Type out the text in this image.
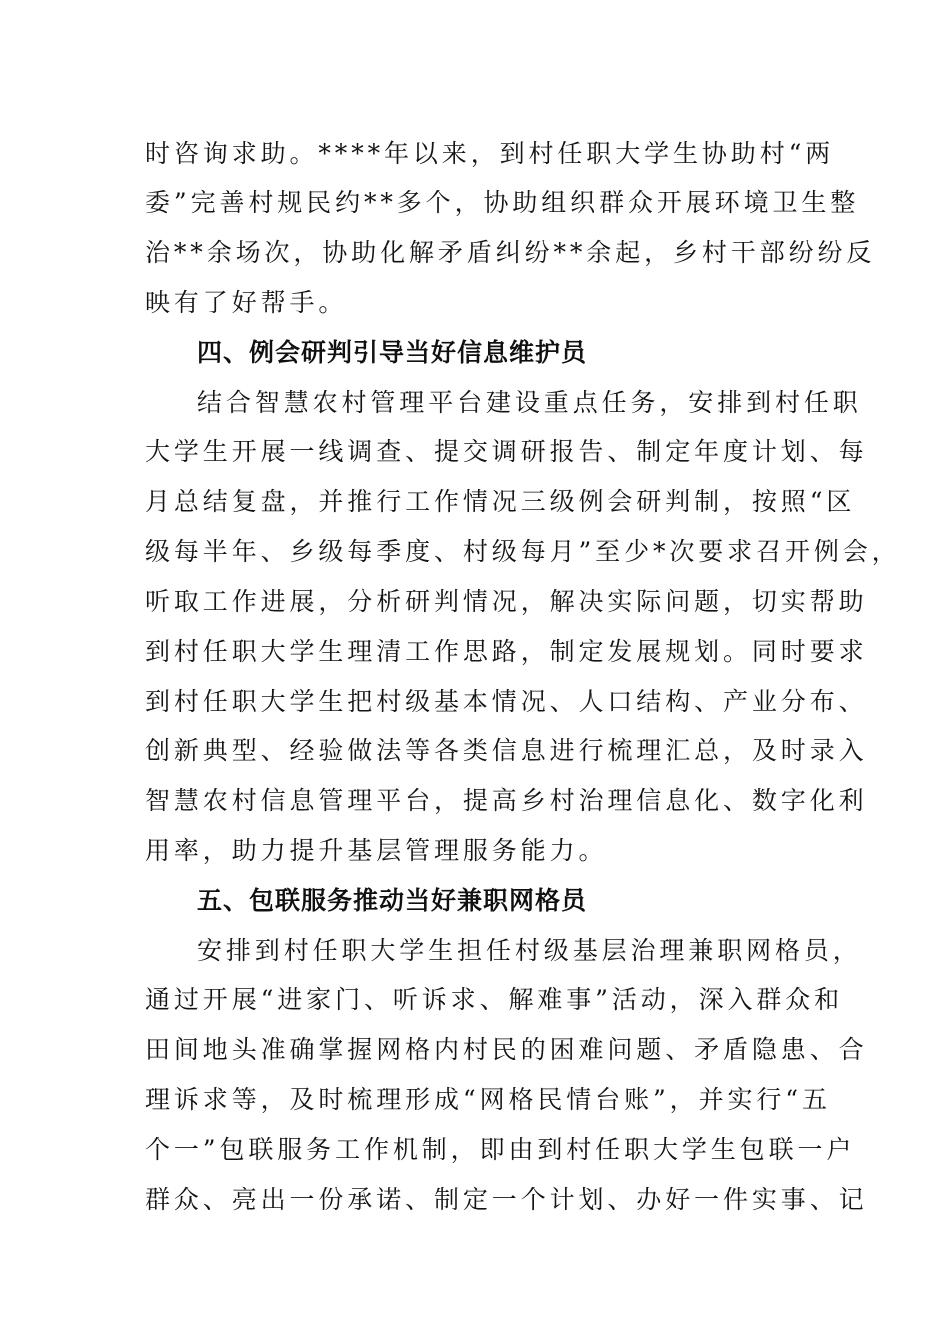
时咨询求助。****年以来，到村任职大学生协助村“两
委”完善村规民约**多个，协助组织群众开展环境卫生整
治**余场次，协助化解矛盾纠纷**余起，乡村干部纷纷反
映有了好帮手。
四、例会研判引导当好信息维护员
结合智慧农村管理平台建设重点任务，安排到村任职
大学生开展一线调查、提交调研报告、制定年度计划、每
月总结复盘，并推行工作情况三级例会研判制，按照“区
级每半年、乡级每季度、村级每月”至少*次要求召开例会，
听取工作进展，分析研判情况，解决实际问题，切实帮助
到村任职大学生理清工作思路，制定发展规划。同时要求
到村任职大学生把村级基本情况、人口结构、产业分布、
创新典型、经验做法等各类信息进行梳理汇总，及时录入
智慧农村信息管理平台，提高乡村治理信息化、数字化利
用率，助力提升基层管理服务能力。
五、包联服务推动当好兼职网格员
安排到村任职大学生担任村级基层治理兼职网格员，
通过开展“进家门、听诉求、解难事”活动，深入群众和
田间地头准确掌握网格内村民的困难问题、矛盾隐患、合
理诉求等，及时梳理形成“网格民情台账”，并实行“五
个一”包联服务工作机制，即由到村任职大学生包联一户
群众、亮出一份承诺、制定一个计划、办好一件实事、记
